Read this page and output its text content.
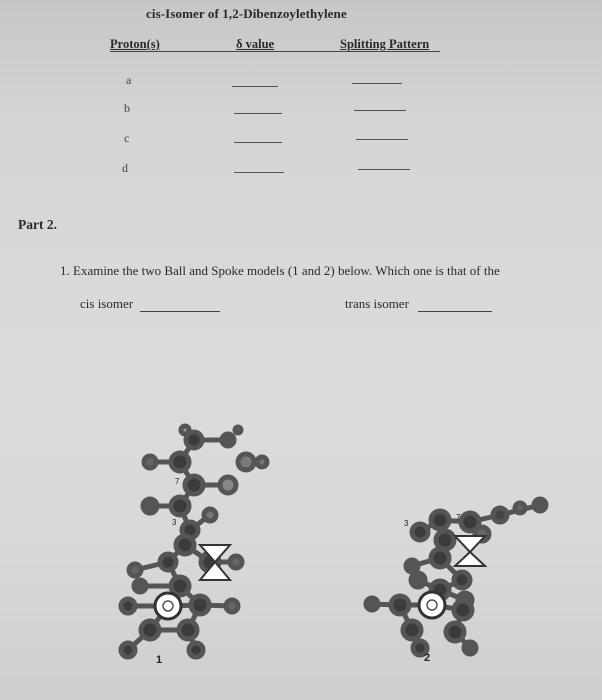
cis-Isomer of 1,2-Dibenzoylethylene
Proton(s)	δ value	Splitting Pattern
a
b
c
d
Part 2.
1. Examine the two Ball and Spoke models (1 and 2) below. Which one is that of the
cis isomer	trans isomer
7
3
1
3
7
2
